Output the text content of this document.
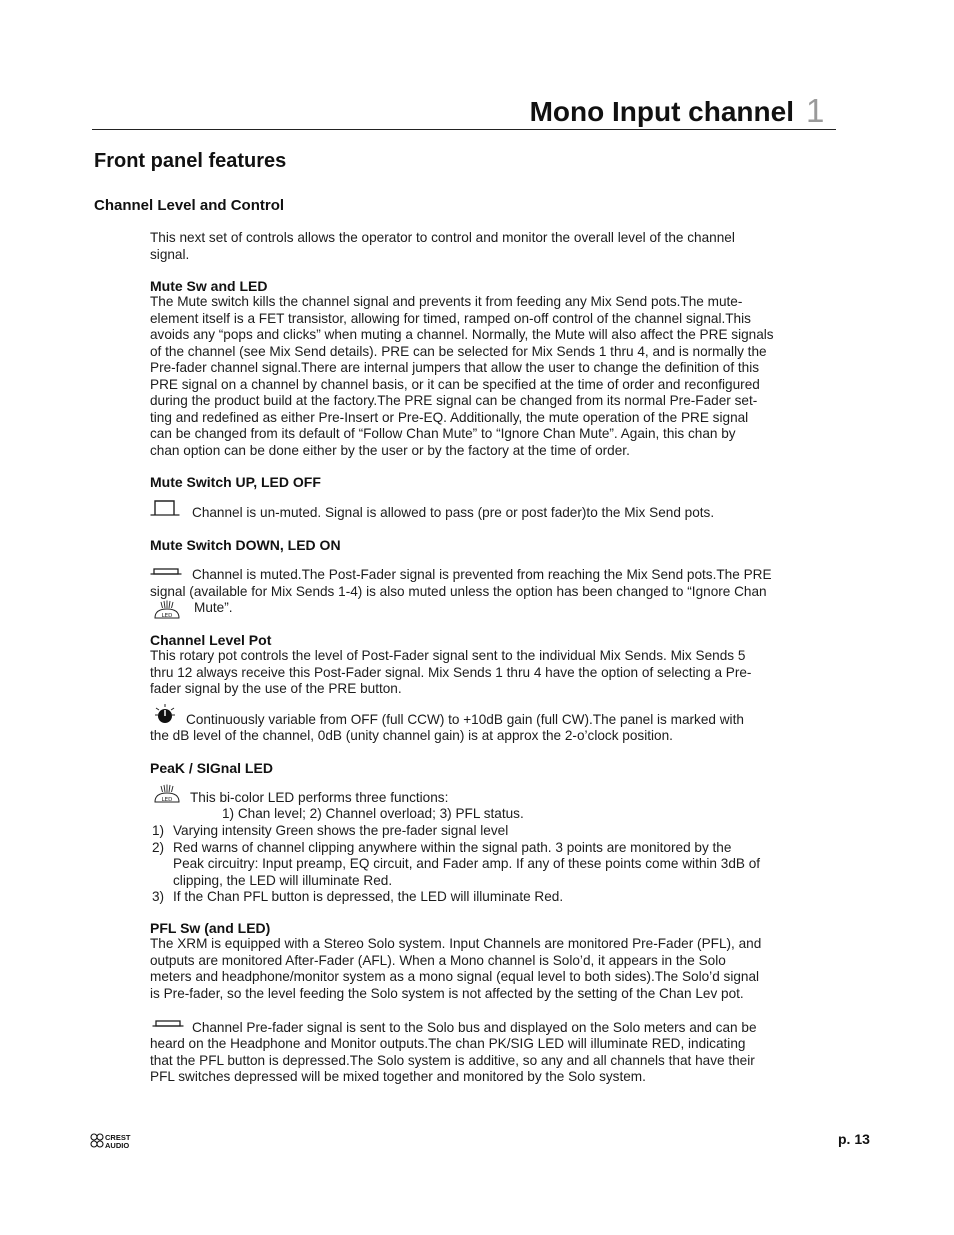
Mono Input channel 1
Front panel features
Channel Level and Control
This next set of controls allows the operator to control and monitor the overall level of the channel
signal.
Mute Sw and LED
The Mute switch kills the channel signal and prevents it from feeding any Mix Send pots.The mute-
element itself is a FET transistor, allowing for timed, ramped on-off control of the channel signal.This
avoids any “pops and clicks” when muting a channel. Normally, the Mute will also affect the PRE signals
of the channel (see Mix Send details). PRE can be selected for Mix Sends 1 thru 4, and is normally the
Pre-fader channel signal.There are internal jumpers that allow the user to change the definition of this
PRE signal on a channel by channel basis, or it can be specified at the time of order and reconfigured
during the product build at the factory.The PRE signal can be changed from its normal Pre-Fader set-
ting and redefined as either Pre-Insert or Pre-EQ. Additionally, the mute operation of the PRE signal
can be changed from its default of “Follow Chan Mute” to “Ignore Chan Mute”. Again, this chan by
chan option can be done either by the user or by the factory at the time of order.
Mute Switch UP, LED OFF
Channel is un-muted. Signal is allowed to pass (pre or post fader)to the Mix Send pots.
Mute Switch DOWN, LED ON
Channel is muted.The Post-Fader signal is prevented from reaching the Mix Send pots.The PRE
signal (available for Mix Sends 1-4) is also muted unless the option has been changed to “Ignore Chan
LED
Mute”.
Channel Level Pot
This rotary pot controls the level of Post-Fader signal sent to the individual Mix Sends. Mix Sends 5
thru 12 always receive this Post-Fader signal. Mix Sends 1 thru 4 have the option of selecting a Pre-
fader signal by the use of the PRE button.
Continuously variable from OFF (full CCW) to +10dB gain (full CW).The panel is marked with
the dB level of the channel, 0dB (unity channel gain) is at approx the 2-o’clock position.
PeaK / SIGnal LED
LED This bi-color LED performs three functions:
1) Chan level; 2) Channel overload; 3) PFL status.
1) Varying intensity Green shows the pre-fader signal level
2) Red warns of channel clipping anywhere within the signal path. 3 points are monitored by the
Peak circuitry: Input preamp, EQ circuit, and Fader amp. If any of these points come within 3dB of
clipping, the LED will illuminate Red.
3) If the Chan PFL button is depressed, the LED will illuminate Red.
PFL Sw (and LED)
The XRM is equipped with a Stereo Solo system. Input Channels are monitored Pre-Fader (PFL), and
outputs are monitored After-Fader (AFL). When a Mono channel is Solo’d, it appears in the Solo
meters and headphone/monitor system as a mono signal (equal level to both sides).The Solo’d signal
is Pre-fader, so the level feeding the Solo system is not affected by the setting of the Chan Lev pot.
Channel Pre-fader signal is sent to the Solo bus and displayed on the Solo meters and can be
heard on the Headphone and Monitor outputs.The chan PK/SIG LED will illuminate RED, indicating
that the PFL button is depressed.The Solo system is additive, so any and all channels that have their
PFL switches depressed will be mixed together and monitored by the Solo system.
CREST
AUDIO	p. 13
